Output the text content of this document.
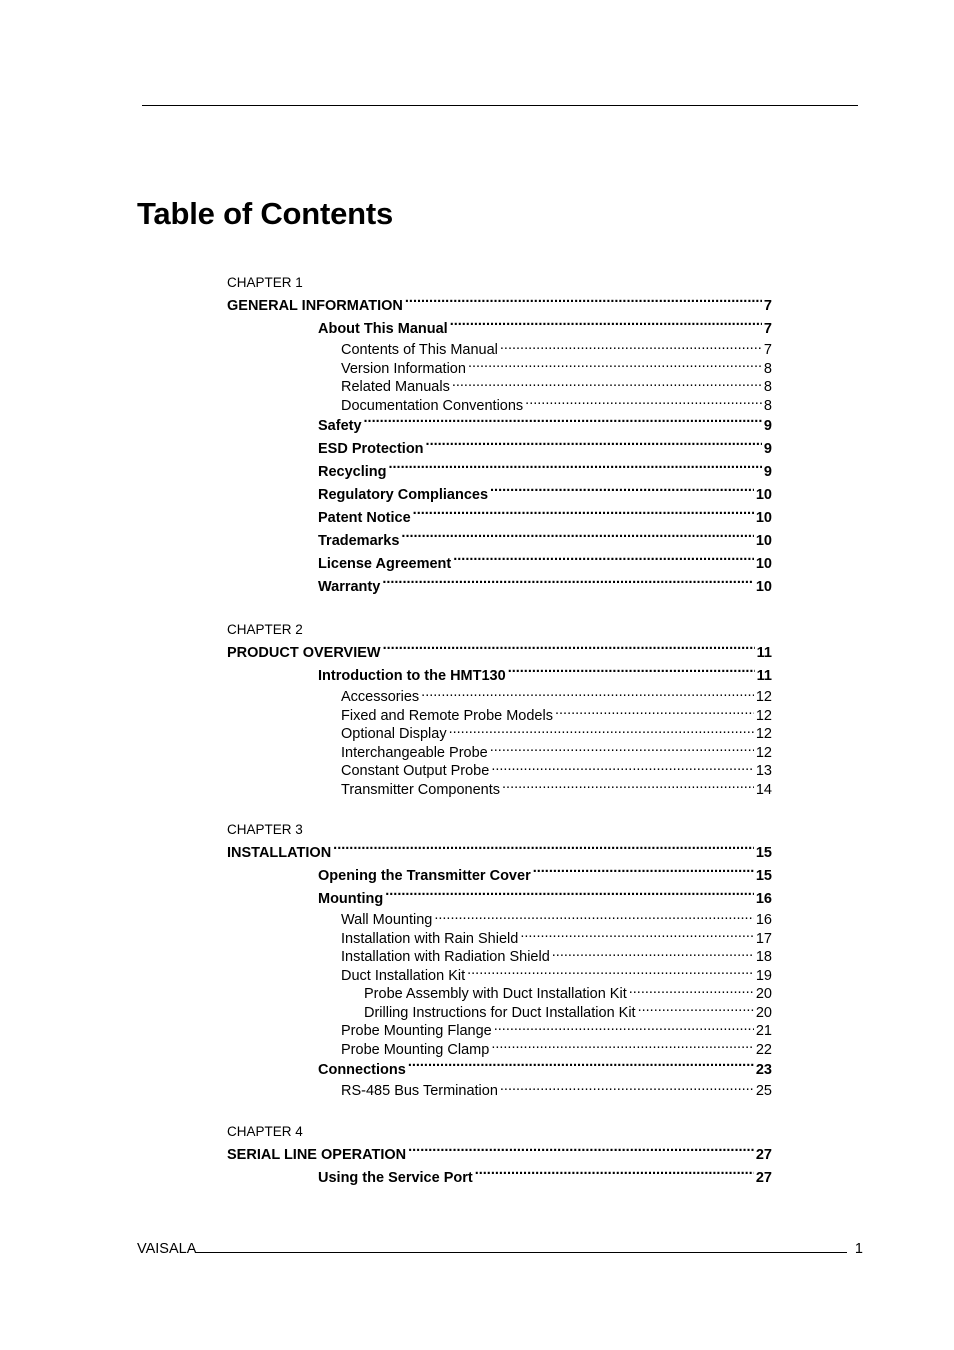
Table of Contents
CHAPTER 1
GENERAL INFORMATION .....	7
About This Manual .....	7
Contents of This Manual .....	7
Version Information .....	8
Related Manuals .....	8
Documentation Conventions .....	8
Safety .....	9
ESD Protection .....	9
Recycling .....	9
Regulatory Compliances .....	10
Patent Notice .....	10
Trademarks .....	10
License Agreement .....	10
Warranty .....	10
CHAPTER 2
PRODUCT OVERVIEW .....	11
Introduction to the HMT130 .....	11
Accessories .....	12
Fixed and Remote Probe Models .....	12
Optional Display .....	12
Interchangeable Probe .....	12
Constant Output Probe .....	13
Transmitter Components .....	14
CHAPTER 3
INSTALLATION .....	15
Opening the Transmitter Cover .....	15
Mounting .....	16
Wall Mounting .....	16
Installation with Rain Shield .....	17
Installation with Radiation Shield .....	18
Duct Installation Kit .....	19
Probe Assembly with Duct Installation Kit .....	20
Drilling Instructions for Duct Installation Kit .....	20
Probe Mounting Flange .....	21
Probe Mounting Clamp .....	22
Connections .....	23
RS-485 Bus Termination .....	25
CHAPTER 4
SERIAL LINE OPERATION .....	27
Using the Service Port .....	27
VAISALA	1
